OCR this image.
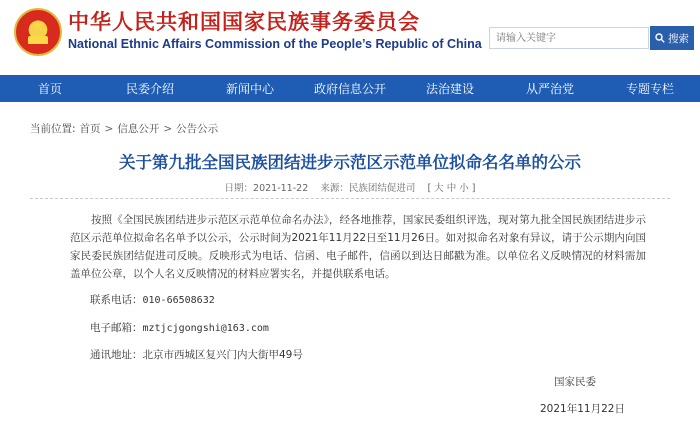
★	中华人民共和国国家民族事务委员会
National Ethnic Affairs Commission of the People’s Republic of China
请输入关键字	搜索
首页	民委介绍	新闻中心	政府信息公开	法治建设	从严治党	专题专栏
当前位置: 首页 > 信息公开 > 公告公示
关于第九批全国民族团结进步示范区示范单位拟命名名单的公示
日期：2021-11-22 来源：民族团结促进司 [ 大 中 小 ]

按照《全国民族团结进步示范区示范单位命名办法》，经各地推荐，国家民委组织评选，现对第九批全国民族团结进步示范区示范单位拟命名名单予以公示，公示时间为2021年11月22日至11月26日。如对拟命名对象有异议，请于公示期内向国家民委民族团结促进司反映。反映形式为电话、信函、电子邮件，信函以到达日邮戳为准。以单位名义反映情况的材料需加盖单位公章，以个人名义反映情况的材料应署实名，并提供联系电话。

联系电话：010-66508632
电子邮箱：mztjcjgongshi@163.com
通讯地址：北京市西城区复兴门内大街甲49号
国家民委
2021年11月22日
